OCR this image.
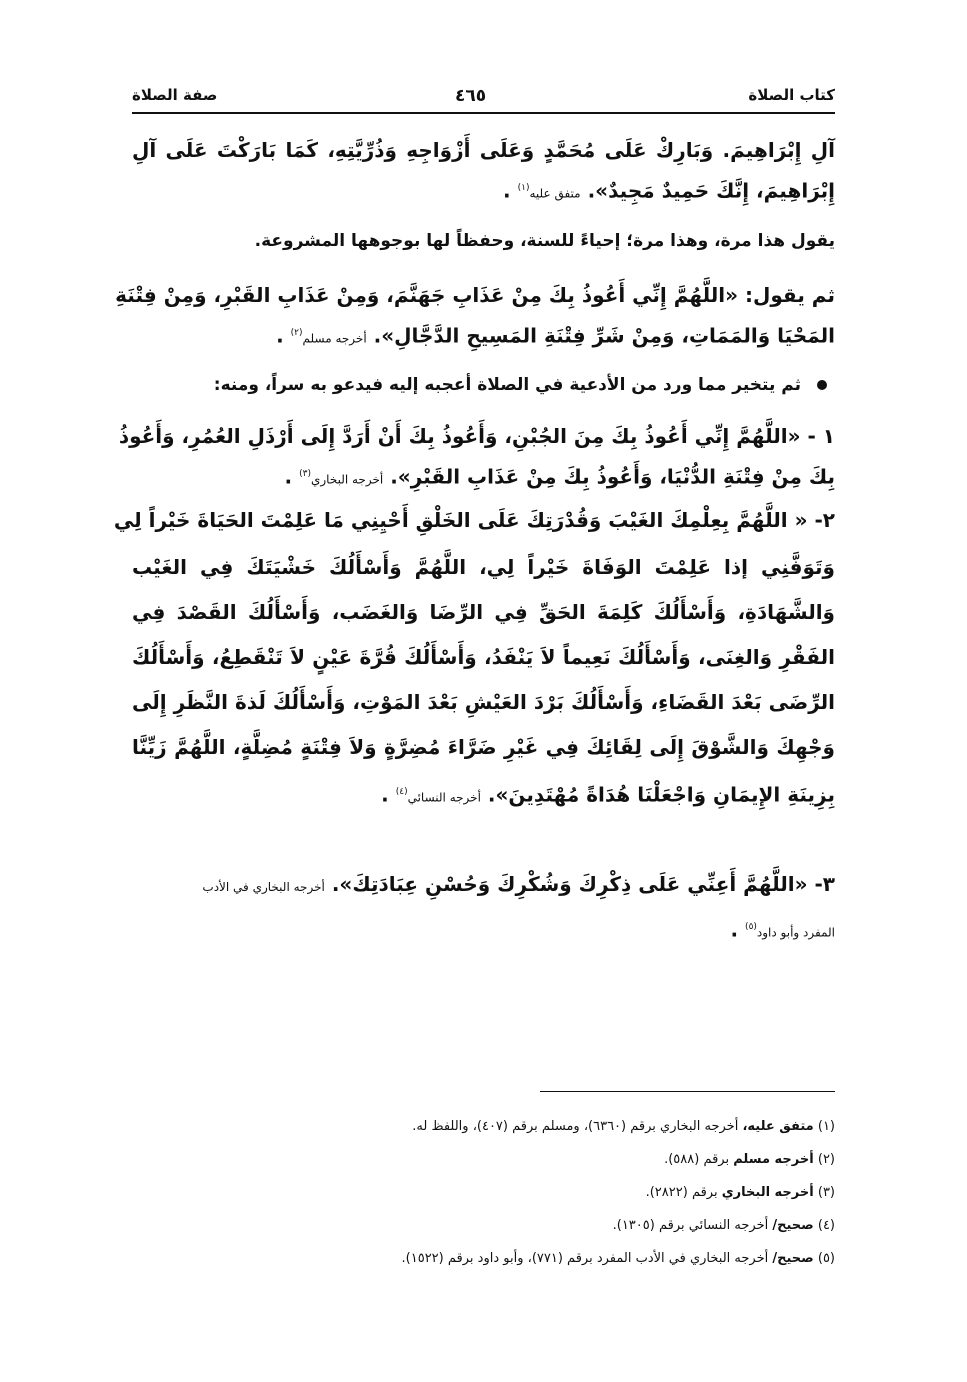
كتاب الصلاة
٤٦٥
صفة الصلاة
آلِ إِبْرَاهِيمَ. وَبَارِكْ عَلَى مُحَمَّدٍ وَعَلَى أَزْوَاجِهِ وَذُرِّيَّتِهِ، كَمَا بَارَكْتَ عَلَى آلِ
إِبْرَاهِيمَ، إِنَّكَ حَمِيدٌ مَجِيدٌ». متفق عليه$^{(١)}$ .
يقول هذا مرة، وهذا مرة؛ إحياءً للسنة، وحفظاً لها بوجوهها المشروعة.
ثم يقول: «اللَّهُمَّ إِنِّي أَعُوذُ بِكَ مِنْ عَذَابِ جَهَنَّمَ، وَمِنْ عَذَابِ القَبْرِ، وَمِنْ فِتْنَةِ
المَحْيَا وَالمَمَاتِ، وَمِنْ شَرِّ فِتْنَةِ المَسِيحِ الدَّجَّالِ». أخرجه مسلم$^{(٢)}$ .
ثم يتخير مما ورد من الأدعية في الصلاة أعجبه إليه فيدعو به سراً، ومنه:
١ - «اللَّهُمَّ إِنِّي أَعُوذُ بِكَ مِنَ الجُبْنِ، وَأَعُوذُ بِكَ أَنْ أَرَدَّ إِلَى أَرْذَلِ العُمُرِ، وَأَعُوذُ
بِكَ مِنْ فِتْنَةِ الدُّنْيَا، وَأَعُوذُ بِكَ مِنْ عَذَابِ القَبْرِ». أخرجه البخاري$^{(٣)}$ .
٢- « اللَّهُمَّ بِعِلْمِكَ الغَيْبَ وَقُدْرَتِكَ عَلَى الخَلْقِ أَحْيِنِي مَا عَلِمْتَ الحَيَاةَ خَيْراً لِي
وَتَوَفَّنِي إذا عَلِمْتَ الوَفَاةَ خَيْراً لِي، اللَّهُمَّ وَأَسْأَلُكَ خَشْيَتَكَ فِي الغَيْب
وَالشَّهَادَةِ، وَأَسْأَلُكَ كَلِمَةَ الحَقِّ فِي الرِّضَا وَالغَضَب، وَأَسْأَلُكَ القَصْدَ فِي
الفَقْرِ وَالغِنَى، وَأَسْأَلُكَ نَعِيماً لاَ يَنْفَدُ، وَأَسْأَلُكَ قُرَّةَ عَيْنٍ لاَ تَنْقَطِعُ، وَأَسْأَلُكَ
الرِّضَى بَعْدَ القَضَاءِ، وَأَسْأَلُكَ بَرْدَ العَيْشِ بَعْدَ المَوْتِ، وَأَسْأَلُكَ لَذةَ النَّظَرِ إِلَى
وَجْهِكَ وَالشَّوْقَ إِلَى لِقَائِكَ فِي غَيْرِ ضَرَّاءَ مُضِرَّةٍ وَلاَ فِتْنَةٍ مُضِلَّةٍ، اللَّهُمَّ زَيِّنَّا
بِزِينَةِ الإِيمَانِ وَاجْعَلْنَا هُدَاةً مُهْتَدِينَ». أخرجه النسائي$^{(٤)}$ .
٣- «اللَّهُمَّ أَعِنِّي عَلَى ذِكْرِكَ وَشُكْرِكَ وَحُسْنِ عِبَادَتِكَ». أخرجه البخاري في الأدب
المفرد وأبو داود$^{(٥)}$ .
(١) متفق عليه، أخرجه البخاري برقم (٦٣٦٠)، ومسلم برقم (٤٠٧)، واللفظ له.
(٢) أخرجه مسلم برقم (٥٨٨).
(٣) أخرجه البخاري برقم (٢٨٢٢).
(٤) صحيح/ أخرجه النسائي برقم (١٣٠٥).
(٥) صحيح/ أخرجه البخاري في الأدب المفرد برقم (٧٧١)، وأبو داود برقم (١٥٢٢).
